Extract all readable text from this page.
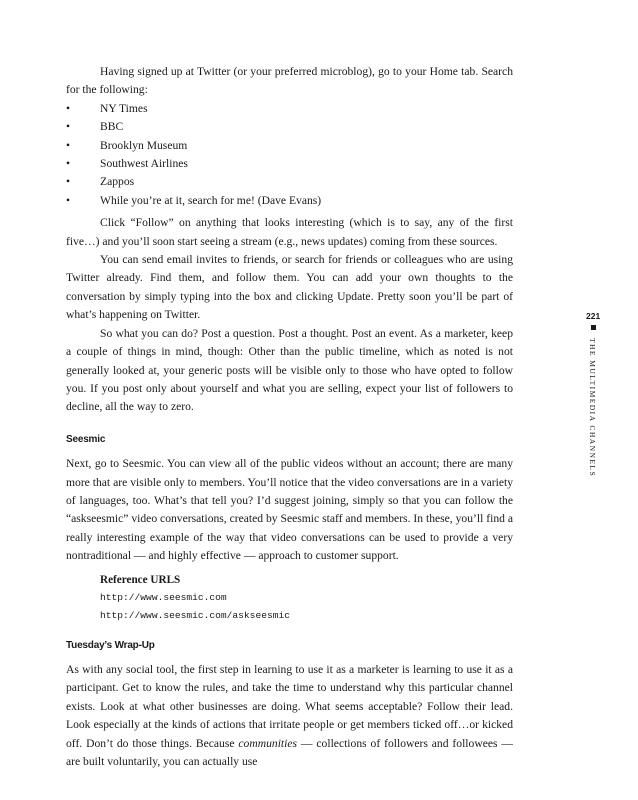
Having signed up at Twitter (or your preferred microblog), go to your Home tab. Search for the following:

•	NY Times
•	BBC
•	Brooklyn Museum
•	Southwest Airlines
•	Zappos
•	While you’re at it, search for me! (Dave Evans)

Click “Follow” on anything that looks interesting (which is to say, any of the first five…) and you’ll soon start seeing a stream (e.g., news updates) coming from these sources.

You can send email invites to friends, or search for friends or colleagues who are using Twitter already. Find them, and follow them. You can add your own thoughts to the conversation by simply typing into the box and clicking Update. Pretty soon you’ll be part of what’s happening on Twitter.

So what you can do? Post a question. Post a thought. Post an event. As a marketer, keep a couple of things in mind, though: Other than the public timeline, which as noted is not generally looked at, your generic posts will be visible only to those who have opted to follow you. If you post only about yourself and what you are selling, expect your list of followers to decline, all the way to zero.

Seesmic

Next, go to Seesmic. You can view all of the public videos without an account; there are many more that are visible only to members. You’ll notice that the video conversations are in a variety of languages, too. What’s that tell you? I’d suggest joining, simply so that you can follow the “askseesmic” video conversations, created by Seesmic staff and members. In these, you’ll find a really interesting example of the way that video conversations can be used to provide a very nontraditional — and highly effective — approach to customer support.

Reference URLS
http://www.seesmic.com
http://www.seesmic.com/askseesmic
Tuesday’s Wrap-Up

As with any social tool, the first step in learning to use it as a marketer is learning to use it as a participant. Get to know the rules, and take the time to understand why this particular channel exists. Look at what other businesses are doing. What seems acceptable? Follow their lead. Look especially at the kinds of actions that irritate people or get members ticked off…or kicked off. Don’t do those things. Because communities — collections of followers and followees — are built voluntarily, you can actually use

221
THE MULTIMEDIA CHANNELS
